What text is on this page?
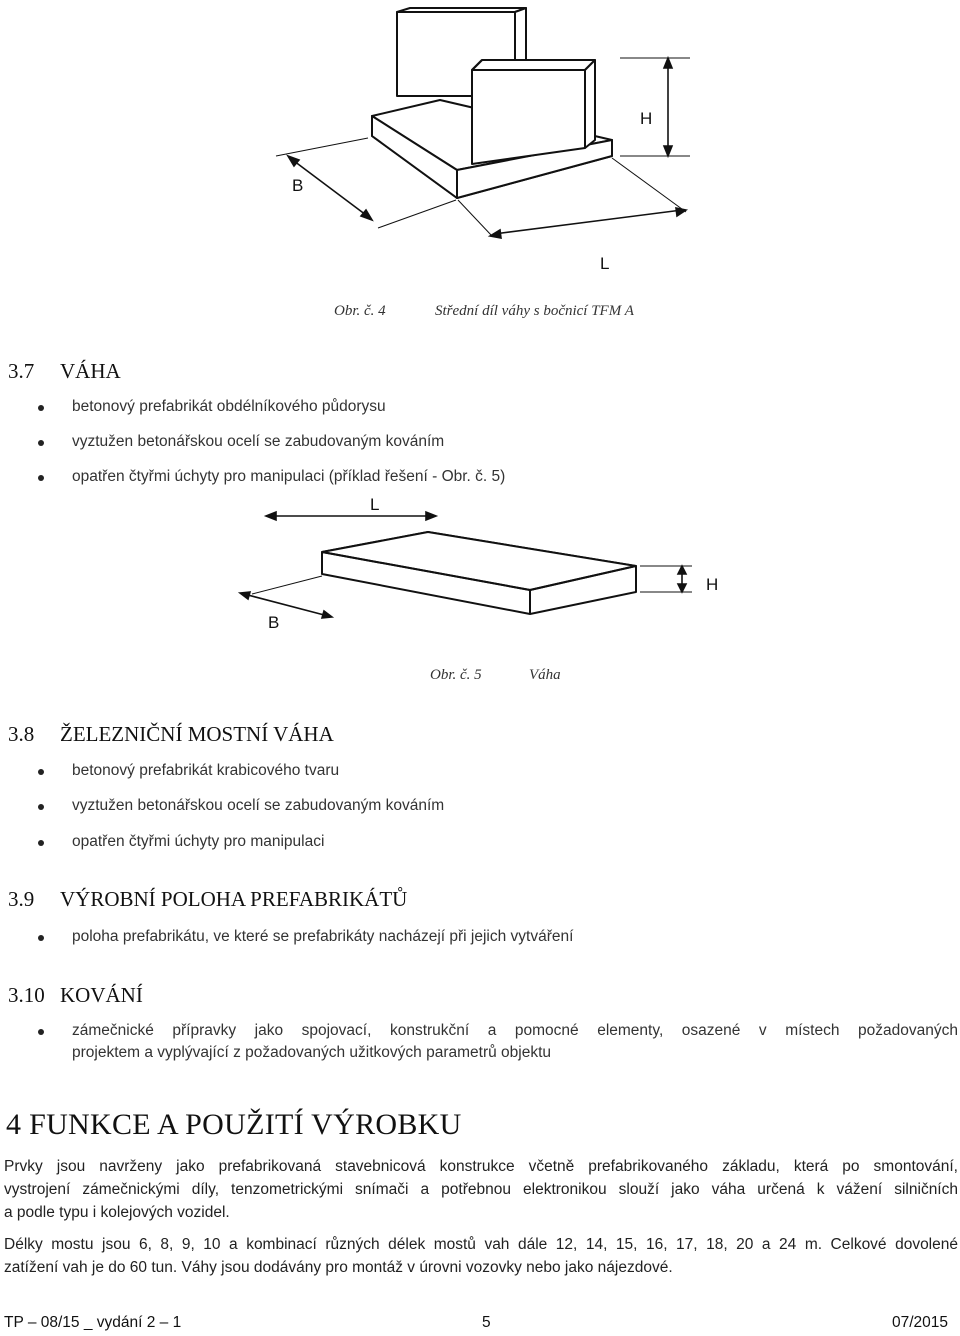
H
B
L
Obr. č. 4	Střední díl váhy s bočnicí TFM A
3.7 VÁHA
betonový prefabrikát obdélníkového půdorysu
vyztužen betonářskou ocelí se zabudovaným kováním
opatřen čtyřmi úchyty pro manipulaci (příklad řešení - Obr. č. 5)
L
H
B
Obr. č. 5	Váha
3.8 ŽELEZNIČNÍ MOSTNÍ VÁHA
betonový prefabrikát krabicového tvaru
vyztužen betonářskou ocelí se zabudovaným kováním
opatřen čtyřmi úchyty pro manipulaci
3.9 VÝROBNÍ POLOHA PREFABRIKÁTŮ
poloha prefabrikátu, ve které se prefabrikáty nacházejí při jejich vytváření
3.10 KOVÁNÍ
zámečnické přípravky jako spojovací, konstrukční a pomocné elementy, osazené v místech požadovaných
projektem a vyplývající z požadovaných užitkových parametrů objektu
4 FUNKCE A POUŽITÍ VÝROBKU
Prvky jsou navrženy jako prefabrikovaná stavebnicová konstrukce včetně prefabrikovaného základu, která po smontování,
vystrojení zámečnickými díly, tenzometrickými snímači a potřebnou elektronikou slouží jako váha určená k vážení silničních
a podle typu i kolejových vozidel.
Délky mostu jsou 6, 8, 9, 10 a kombinací různých délek mostů vah dále 12, 14, 15, 16, 17, 18, 20 a 24 m. Celkové dovolené
zatížení vah je do 60 tun. Váhy jsou dodávány pro montáž v úrovni vozovky nebo jako nájezdové.
TP – 08/15 _ vydání 2 – 1	5	07/2015
